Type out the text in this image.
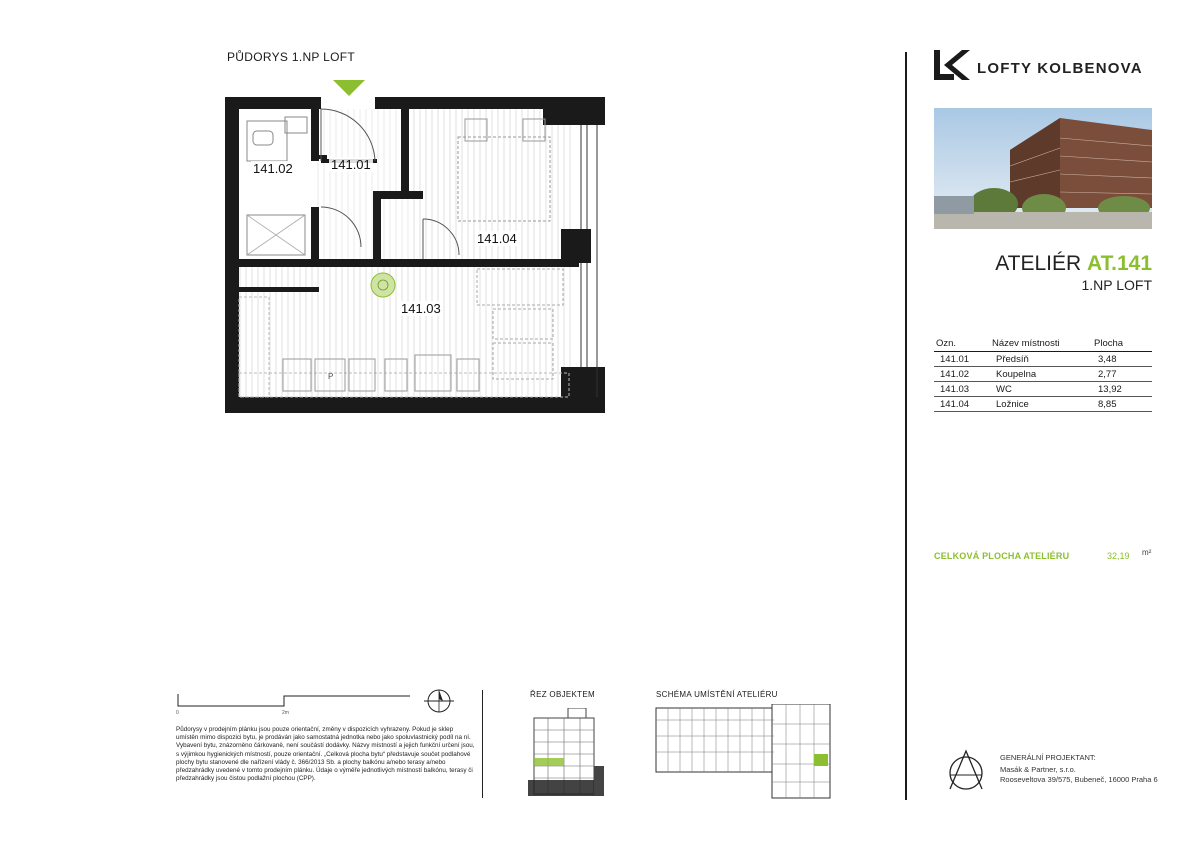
PŮDORYS 1.NP LOFT
P
141.02	141.01
141.04
141.03
LOFTY KOLBENOVA
ATELIÉR AT.141
1.NP LOFT
Ozn.	Název místnosti	Plocha
141.01	Předsíň	3,48
141.02	Koupelna	2,77
141.03	WC	13,92
141.04	Ložnice	8,85
CELKOVÁ PLOCHA ATELIÉRU	32,19 m²
GENERÁLNÍ PROJEKTANT:
Masák & Partner, s.r.o.
Rooseveltova 39/575, Bubeneč, 16000 Praha 6
0	2m
Půdorysy v prodejním plánku jsou pouze orientační, změny v dispozicích vyhrazeny. Pokud je sklep umístěn mimo dispozici bytu, je prodáván jako samostatná jednotka nebo jako spoluvlastnický podíl na ní. Vybavení bytu, znázorněno čárkovaně, není součástí dodávky. Názvy místností a jejich funkční určení jsou, s výjimkou hygienických místností, pouze orientační. „Celková plocha bytu“ představuje součet podlahové plochy bytu stanovené dle nařízení vlády č. 366/2013 Sb. a plochy balkónu a/nebo terasy a/nebo předzahrádky uvedené v tomto prodejním plánku. Údaje o výměře jednotlivých místností balkónu, terasy či předzahrádky jsou čistou podlažní plochou (CPP).
ŘEZ OBJEKTEM	SCHÉMA UMÍSTĚNÍ ATELIÉRU
